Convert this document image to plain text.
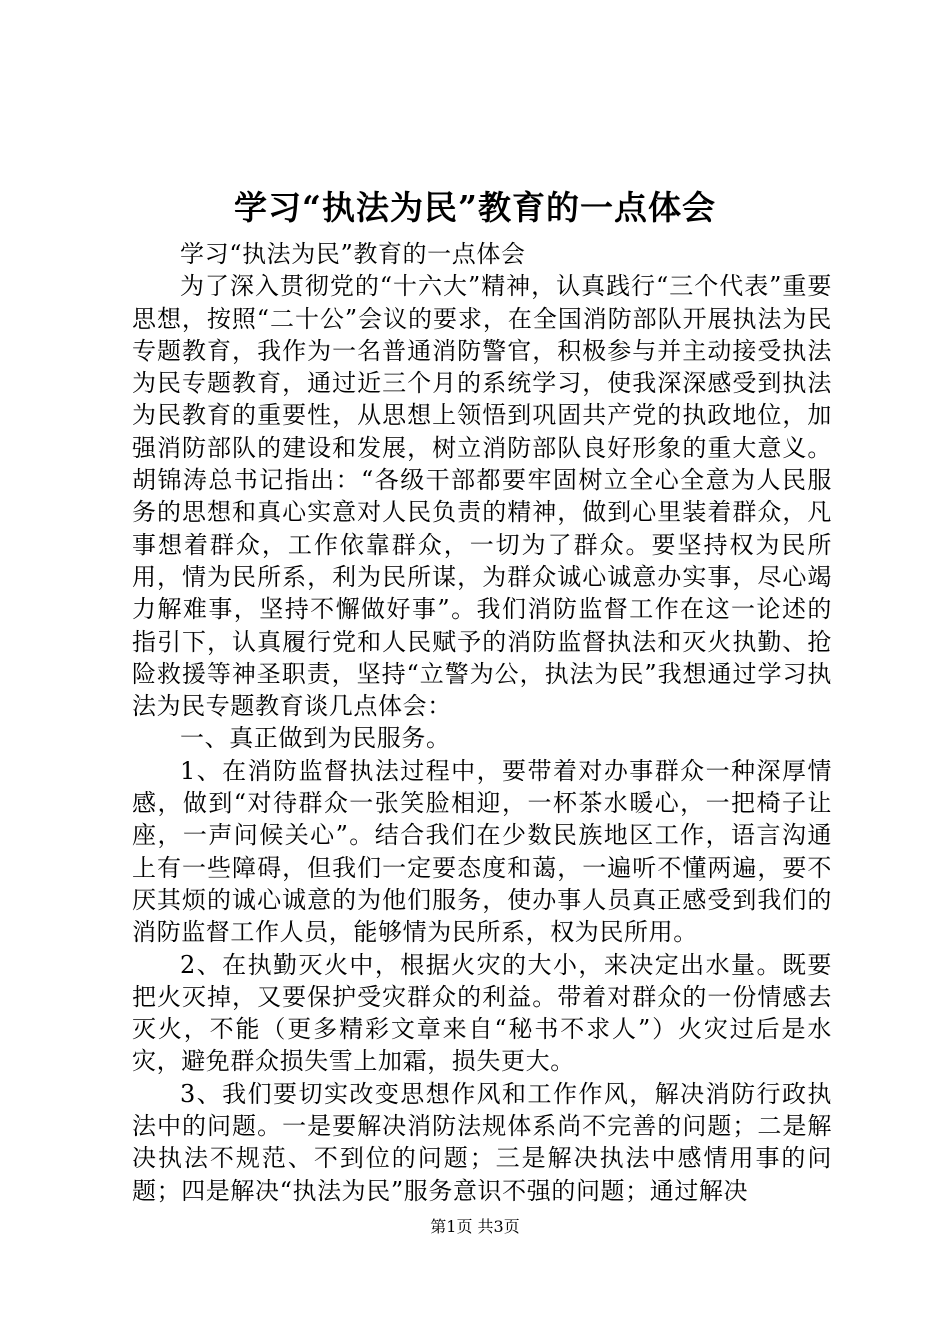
学习“执法为民”教育的一点体会

学习“执法为民”教育的一点体会

为了深入贯彻党的“十六大”精神，认真践行“三个代表”重要思想，按照“二十公”会议的要求，在全国消防部队开展执法为民专题教育，我作为一名普通消防警官，积极参与并主动接受执法为民专题教育，通过近三个月的系统学习，使我深深感受到执法为民教育的重要性，从思想上领悟到巩固共产党的执政地位，加强消防部队的建设和发展，树立消防部队良好形象的重大意义。胡锦涛总书记指出：“各级干部都要牢固树立全心全意为人民服务的思想和真心实意对人民负责的精神，做到心里装着群众，凡事想着群众，工作依靠群众，一切为了群众。要坚持权为民所用，情为民所系，利为民所谋，为群众诚心诚意办实事，尽心竭力解难事，坚持不懈做好事”。我们消防监督工作在这一论述的指引下，认真履行党和人民赋予的消防监督执法和灭火执勤、抢险救援等神圣职责，坚持“立警为公，执法为民”我想通过学习执法为民专题教育谈几点体会：

一、真正做到为民服务。

1、在消防监督执法过程中，要带着对办事群众一种深厚情感，做到“对待群众一张笑脸相迎，一杯茶水暖心，一把椅子让座，一声问候关心”。结合我们在少数民族地区工作，语言沟通上有一些障碍，但我们一定要态度和蔼，一遍听不懂两遍，要不厌其烦的诚心诚意的为他们服务，使办事人员真正感受到我们的消防监督工作人员，能够情为民所系，权为民所用。

2、在执勤灭火中，根据火灾的大小，来决定出水量。既要把火灭掉，又要保护受灾群众的利益。带着对群众的一份情感去灭火，不能（更多精彩文章来自“秘书不求人”）火灾过后是水灾，避免群众损失雪上加霜，损失更大。

3、我们要切实改变思想作风和工作作风，解决消防行政执法中的问题。一是要解决消防法规体系尚不完善的问题；二是解决执法不规范、不到位的问题；三是解决执法中感情用事的问题；四是解决“执法为民”服务意识不强的问题；通过解决

第1页 共3页
